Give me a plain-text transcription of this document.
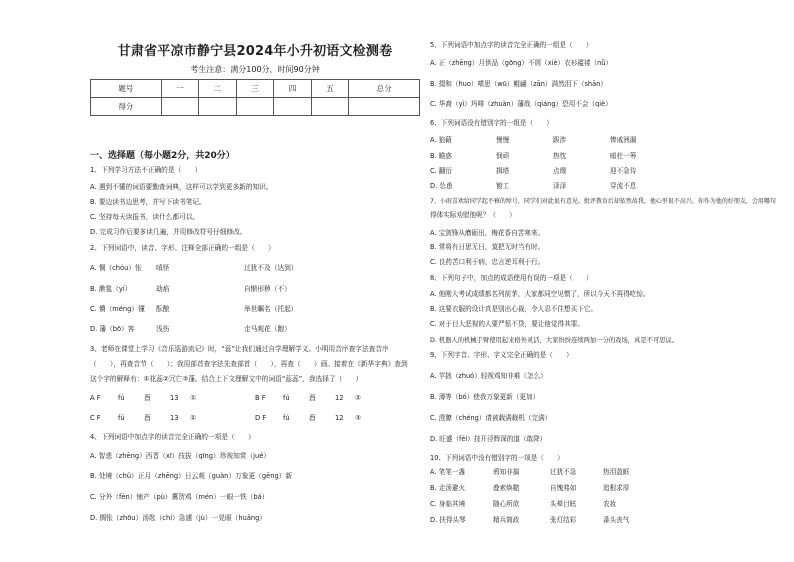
甘肃省平凉市静宁县2024年小升初语文检测卷
考生注意：满分100分，时间90分钟
题号	一	二	三	四	五	总分
得分						
一、选择题（每小题2分，共20分）
1、下列学习方法不正确的是（　　）
A. 遇到不懂的词语要勤查词典，这样可以学到更多新的知识。
B. 要边读书边思考，并写下读书笔记。
C. 坚持每天读报书，读什么都可以。
D. 完成习作后要多读几遍，并用修改符号仔细修改。
2、下列词语中，读音、字形、注释全部正确的一组是（　　）
A. 惆（chóu）怅 嗔怪	过犹不及（达到）
B. 漱毯（yí）	劫焰	自惭形秽（不）
C. 懵（méng）懂 酝酿	举世瞩名（托起）
D. 藩（bō）客	浅伤	走马观花（跑）
3、老师在课堂上学习《音乐巡游流记》时，“蕊”让我们通过自学理解学义。小明用音序查字法查音序
（　　），再查音节（　　）；我用部首查字法先查部首（　　），再查（　　）画。接着在《新华字典》查到
这个字的解释有：①花蕊②冗亡③蓬。结合上下文理解文中的词语“蕊蕊”，我选择了（　　）
A F	fú	酉	13 ①	B F	fú	酉	12 ②
C F	fú	酉	13 ②	D F	fú	酉	12 ③
4、下列词语中加点字的读音完全正确的一项是（　　）
A. 智悲（zhēng）西晋（xī）技拔（qīng）珍视知赏（jué）
B. 处境（chǔ）正月（zhēng）日云观（guàn）万象更（gēng）新
C. 分外（fèn）铺产（pù）冀贺鸡（mén）一眼一铁（bá）
D. 惆怅（zhōu）汤匙（chí）急遽（jù）一晃眼（huǎng）
5、下列词语中加点字的读音完全正确的一组是（　　）
A. 正（zhēng）月供品（gōng）不屑（xiè）衣衫褴褛（nǚ）
B. 掇和（huo）嗜思（wū）鲲翩（zān）满然泪下（shān）
C. 华裔（yì）玛啡（zhuàn）藩哉（qiáng）恐用不会（qiè）
6、下列词语没有错别字的一组是（　　）
A. 狼藉	慢慢	跋涉	惨戚洲漏
B. 瞻惑	悯顽	热忱	暗杜一筹
C. 翻衍	揖塔	点缀	迎不急待
D. 怂恿	镀工	泽泽	穿流不息
7、小雨喜欢给同学起不雅的绰号，同学们对此很有意见。批评教育后却依然故我，他心里很不高兴。你作为他的好朋友，会用哪句
得体实际劝慰他呢？（　　）
A. 宝剑锋从磨砺出，梅花香自苦寒来。
B. 常将有日思无日，莫把无时当有时。
C. 良药苦口利于病，忠言逆耳利于行。
8、下列句子中，加点的成语使用有误的一项是（　　）
A. 他刚大考试成绩都名列前茅，大家都同空见惯了，所以今天不再得吃惊。
B. 这要衣服的设计真是别出心裁，令人忍不住想买下它。
C. 对于目大恶视的人要严惩不贷，要让他觉得其罪。
D. 机器人的机械手臂使用起来格外灵活，大家纷纷连续两加一分的戏场，真是不可思议。
9、下列字音、字形、字义完全正确的是（　　）
A. 苹拙（zhuó）轻视鸡知非难（怎么）
B. 薄等（bó）使我万象更新（更加）
C. 澄瞭（chéng）请被载满载机（完满）
D. 旺盛（fèi）技开泾辉深的道（敢降）
10、下列词语中没有错别字的一项是（　　）
A. 笔笔一盏	鸦知非搞	过犹不急	热泪盈眶
B. 走汤避火	叠索焕糙	自愧弗如	追根求厚
C. 身临其境	随心所欲	头晕目眩	农妆
D. 扶得头琴	精兵简政	张灯结彩	番头丧气
